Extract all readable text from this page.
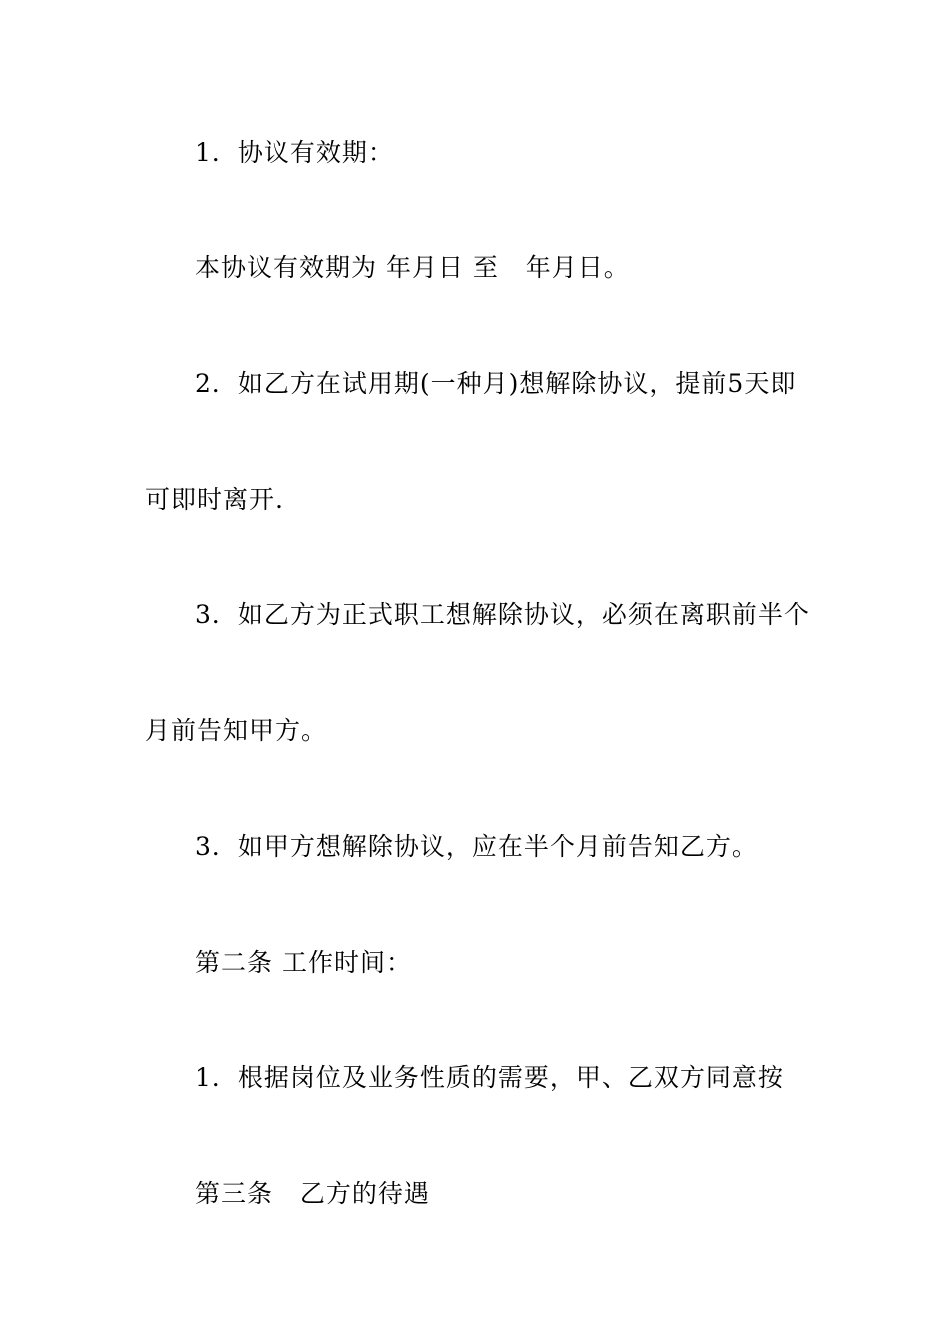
1．协议有效期：
本协议有效期为 年月日 至   年月日。
2．如乙方在试用期(一种月)想解除协议，提前5天即
可即时离开.
3．如乙方为正式职工想解除协议，必须在离职前半个
月前告知甲方。
3．如甲方想解除协议，应在半个月前告知乙方。
第二条 工作时间：
1．根据岗位及业务性质的需要，甲、乙双方同意按
第三条   乙方的待遇
